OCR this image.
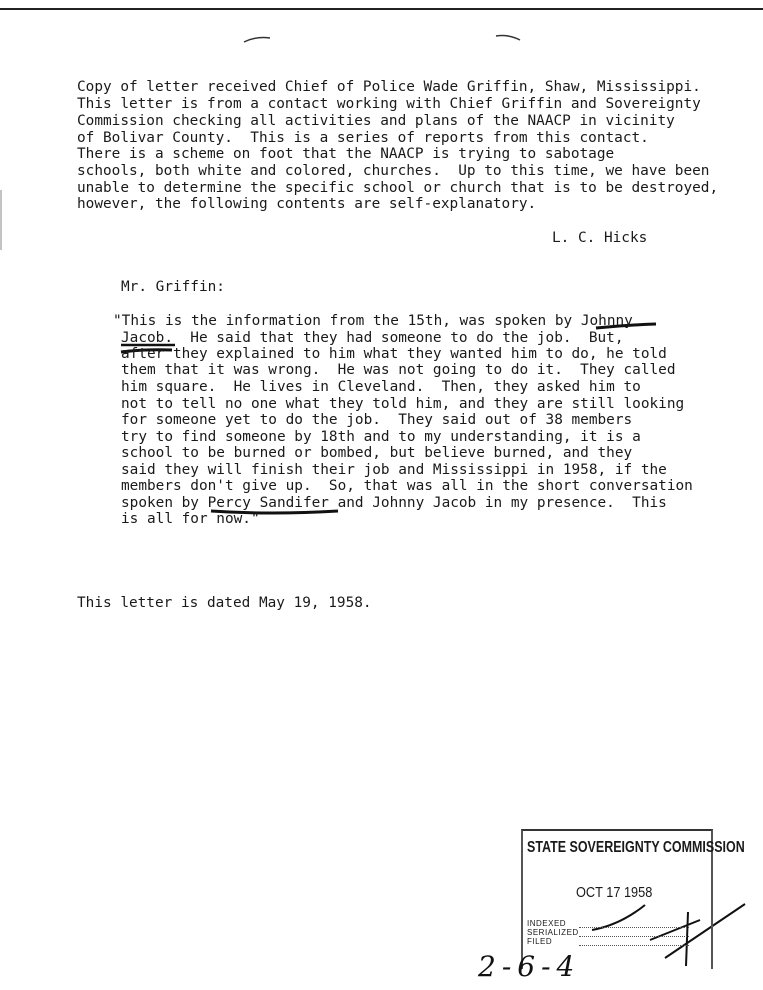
Copy of letter received Chief of Police Wade Griffin, Shaw, Mississippi.
This letter is from a contact working with Chief Griffin and Sovereignty
Commission checking all activities and plans of the NAACP in vicinity
of Bolivar County.  This is a series of reports from this contact.
There is a scheme on foot that the NAACP is trying to sabotage
schools, both white and colored, churches.  Up to this time, we have been
unable to determine the specific school or church that is to be destroyed,
however, the following contents are self-explanatory.
L. C. Hicks
Mr. Griffin:
"This is the information from the 15th, was spoken by Johnny
Jacob.  He said that they had someone to do the job.  But,
after they explained to him what they wanted him to do, he told
them that it was wrong.  He was not going to do it.  They called
him square.  He lives in Cleveland.  Then, they asked him to
not to tell no one what they told him, and they are still looking
for someone yet to do the job.  They said out of 38 members
try to find someone by 18th and to my understanding, it is a
school to be burned or bombed, but believe burned, and they
said they will finish their job and Mississippi in 1958, if the
members don't give up.  So, that was all in the short conversation
spoken by Percy Sandifer and Johnny Jacob in my presence.  This
is all for now."
This letter is dated May 19, 1958.
STATE SOVEREIGNTY COMMISSION
OCT 17 1958
INDEXED
SERIALIZED
FILED
2-6-4
